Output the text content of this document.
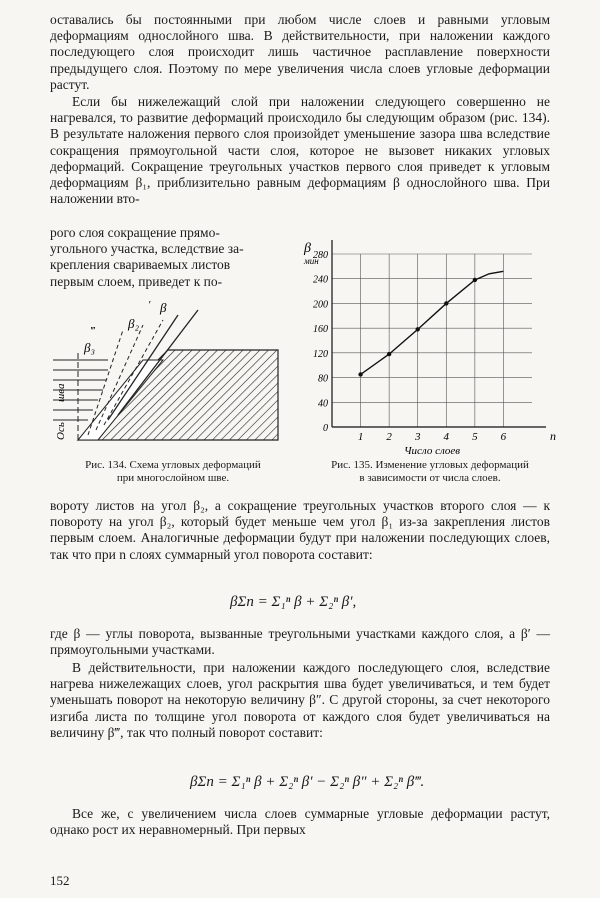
оставались бы постоянными при любом числе слоев и равными угловым деформациям однослойного шва. В действительности, при наложении каждого последующего слоя происходит лишь частичное расплавление поверхности предыдущего слоя. Поэтому по мере увеличения числа слоев угловые деформации растут.

Если бы нижележащий слой при наложении следующего совершенно не нагревался, то развитие деформаций происходило бы следующим образом (рис. 134). В результате наложения первого слоя произойдет уменьшение зазора шва вследствие сокращения прямоугольной части слоя, которое не вызовет никаких угловых деформаций. Сокращение треугольных участков первого слоя приведет к угловым деформациям β₁, приблизительно равным деформациям β однослойного шва. При наложении вто-

рого слоя сокращение прямо-
угольного участка, вследствие за-
крепления свариваемых листов
первым слоем, приведет к по-
β₃
‴	β₂
′ β
Ось
шва

Рис. 134. Схема угловых деформаций
при многослойном шве.

0
40
80
120
160
200
240
280
1 2 3 4 5 6	n
Число слоев
β
мин

Рис. 135. Изменение угловых деформаций
в зависимости от числа слоев.

вороту листов на угол β₂, а сокращение треугольных участков второго слоя — к повороту на угол β₂, который будет меньше чем угол β₁ из-за закрепления листов первым слоем. Аналогичные деформации будут при наложении последующих слоев, так что при n слоях суммарный угол поворота составит:

βΣn = Σ₁ⁿ β + Σ₂ⁿ β′,

где β — углы поворота, вызванные треугольными участками каждого слоя, а β′ — прямоугольными участками.

В действительности, при наложении каждого последующего слоя, вследствие нагрева нижележащих слоев, угол раскрытия шва будет увеличиваться, и тем будет уменьшать поворот на некоторую величину β″. С другой стороны, за счет некоторого изгиба листа по толщине угол поворота от каждого слоя будет увеличиваться на величину β‴, так что полный поворот составит:

βΣn = Σ₁ⁿ β + Σ₂ⁿ β′ − Σ₂ⁿ β″ + Σ₂ⁿ β‴.

Все же, с увеличением числа слоев суммарные угловые деформации растут, однако рост их неравномерный. При первых

152
